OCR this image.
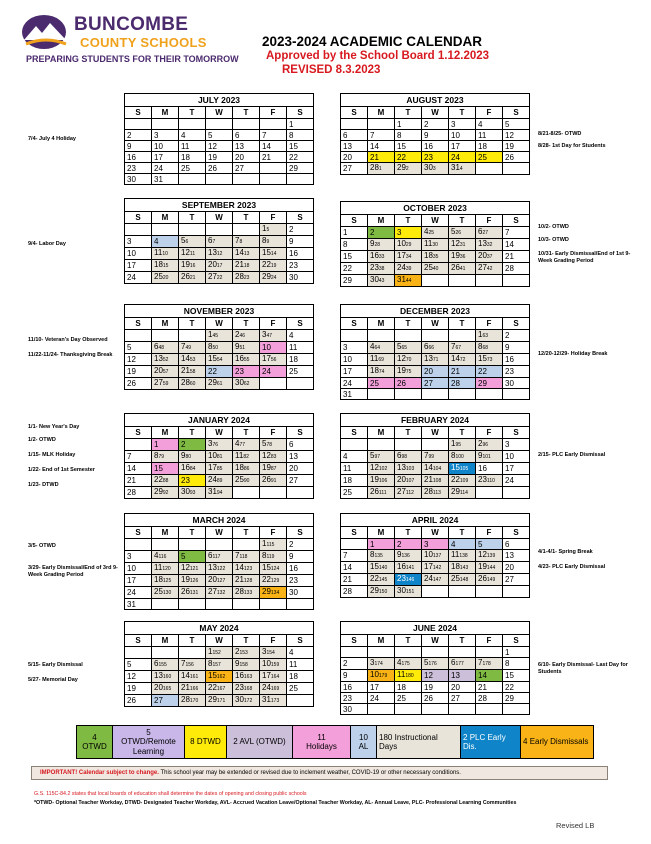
BUNCOMBE
COUNTY SCHOOLS
PREPARING STUDENTS FOR THEIR TOMORROW
2023-2024 ACADEMIC CALENDAR
Approved by the School Board 1.12.2023
REVISED 8.3.2023
JULY 2023
S	M	T	W	T	F	S
						1
2	3	4	5	6	7	8
9	10	11	12	13	14	15
16	17	18	19	20	21	22
23	24	25	26	27		29
30	31					
AUGUST 2023
S	M	T	W	T	F	S
		1	2	3	4	5
6	7	8	9	10	11	12
13	14	15	16	17	18	19
20	21	22	23	24	25	26
27	281	292	303	314		
SEPTEMBER 2023
S	M	T	W	T	F	S
					15	2
3	4	56	67	78	89	9
10	1110	1211	1312	1413	1514	16
17	1815	1916	2017	2118	2219	23
24	2520	2621	2722	2823	2924	30
OCTOBER 2023
S	M	T	W	T	F	S
1	2	3	425	526	627	7
8	928	1029	1130	1231	1332	14
15	1633	1734	1835	1936	2037	21
22	2338	2439	2540	2641	2742	28
29	3043	3144				
NOVEMBER 2023
S	M	T	W	T	F	S
			145	246	347	4
5	648	749	850	951	10	11
12	1352	1453	1554	1655	1756	18
19	2057	2158	22	23	24	25
26	2759	2860	2961	3062		
DECEMBER 2023
S	M	T	W	T	F	S
					163	2
3	464	565	666	767	868	9
10	1169	1270	1371	1472	1573	16
17	1874	1975	20	21	22	23
24	25	26	27	28	29	30
31						
JANUARY 2024
S	M	T	W	T	F	S
	1	2	376	477	578	6
7	879	980	1081	1182	1283	13
14	15	1684	1785	1886	1987	20
21	2288	23	2489	2590	2691	27
28	2992	3093	3194			
FEBRUARY 2024
S	M	T	W	T	F	S
				195	296	3
4	597	698	799	8100	9101	10
11	12102	13103	14104	15105	16	17
18	19106	20107	21108	22109	23110	24
25	26111	27112	28113	29114		
MARCH 2024
S	M	T	W	T	F	S
					1115	2
3	4116	5	6117	7118	8119	9
10	11120	12121	13122	14123	15124	16
17	18125	19126	20127	21128	22129	23
24	25130	26131	27132	28133	29134	30
31						
APRIL 2024
S	M	T	W	T	F	S
	1	2	3	4	5	6
7	8135	9136	10137	11138	12139	13
14	15140	16141	17142	18143	19144	20
21	22145	23146	24147	25148	26149	27
28	29150	30151				
MAY 2024
S	M	T	W	T	F	S
			1152	2153	3154	4
5	6155	7156	8157	9158	10159	11
12	13160	14161	15162	16163	17164	18
19	20165	21166	22167	23168	24169	25
26	27	28170	29171	30172	31173	
JUNE 2024
S	M	T	W	T	F	S
						1
2	3174	4175	5176	6177	7178	8
9	10179	11180	12	13	14	15
16	17	18	19	20	21	22
23	24	25	26	27	28	29
30						
7/4- July 4 Holiday
8/21-8/25- OTWD
8/28- 1st Day for Students
9/4- Labor Day
10/2- OTWD
10/3- OTWD
10/31- Early Dismissal/End of 1st 9-Week Grading Period
11/10- Veteran's Day Observed
11/22-11/24- Thanksgiving Break	12/20-12/29- Holiday Break
1/1- New Year's Day
1/2- OTWD
1/15- MLK Holiday
1/22- End of 1st Semester
1/23- DTWD
2/15- PLC Early Dismissal
3/5- OTWD
3/29- Early Dismissal/End of 3rd 9-Week Grading Period
4/1-4/1- Spring Break
4/23- PLC Early Dismissal
5/15- Early Dismissal
5/27- Memorial Day
6/10- Early Dismissal- Last Day for Students
4
OTWD
5
OTWD/Remote Learning
8 DTWD 2 AVL (OTWD)
11
Holidays
10
AL
180 Instructional Days
2 PLC Early Dis.
4 Early Dismissals
IMPORTANT! Calendar subject to change. This school year may be extended or revised due to inclement weather, COVID-19 or other necessary conditions.
G.S. 115C-84.2 states that local boards of education shall determine the dates of opening and closing public schools
*OTWD- Optional Teacher Workday, DTWD- Designated Teacher Workday, AVL- Accrued Vacation Leave/Optional Teacher Workday, AL- Annual Leave, PLC- Professional Learning Communities
Revised LB
